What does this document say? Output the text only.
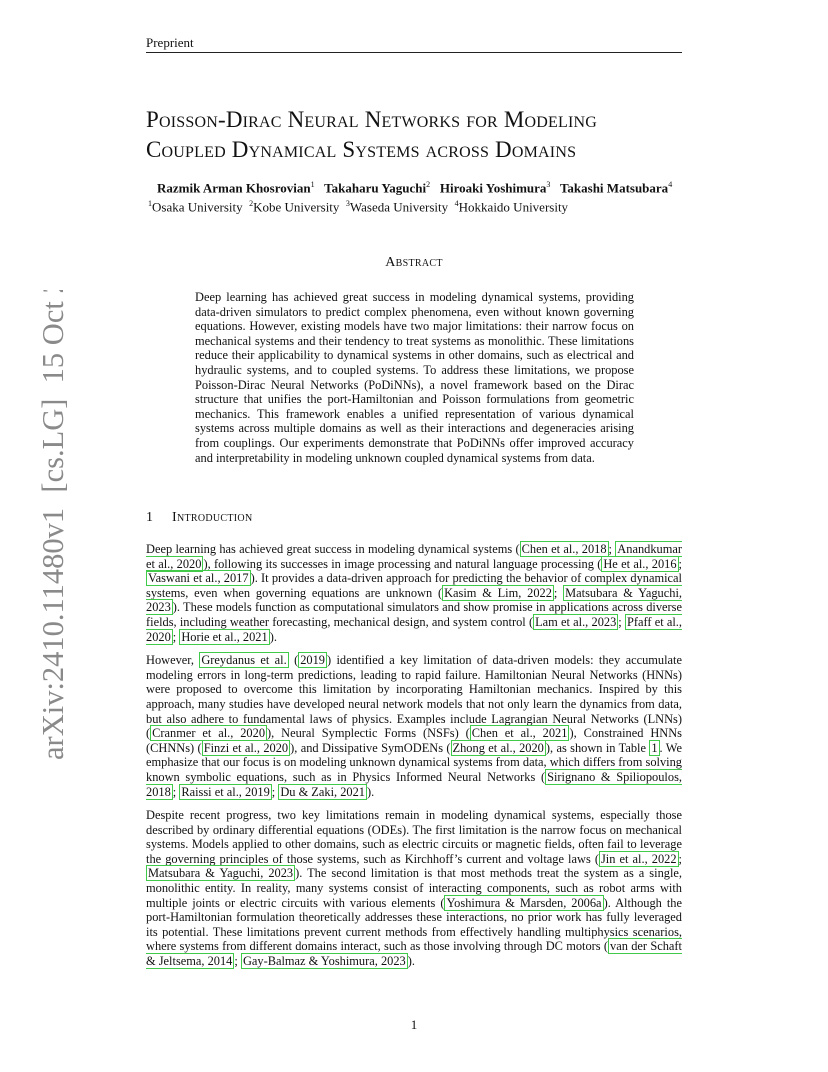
Preprient
arXiv:2410.11480v1  [cs.LG]  15 Oct 2024
Poisson-Dirac Neural Networks for Modeling
Coupled Dynamical Systems across Domains
Razmik Arman Khosrovian$^1$ Takaharu Yaguchi$^2$ Hiroaki Yoshimura$^3$ Takashi Matsubara$^4$
$^1$Osaka University $^2$Kobe University $^3$Waseda University $^4$Hokkaido University
Abstract
Deep learning has achieved great success in modeling dynamical systems, providing data-driven simulators to predict complex phenomena, even without known governing equations. However, existing models have two major limitations: their narrow focus on mechanical systems and their tendency to treat systems as monolithic. These limitations reduce their applicability to dynamical systems in other domains, such as electrical and hydraulic systems, and to coupled systems. To address these limitations, we propose Poisson-Dirac Neural Networks (PoDiNNs), a novel framework based on the Dirac structure that unifies the port-Hamiltonian and Poisson formulations from geometric mechanics. This framework enables a unified representation of various dynamical systems across multiple domains as well as their interactions and degeneracies arising from couplings. Our experiments demonstrate that PoDiNNs offer improved accuracy and interpretability in modeling unknown coupled dynamical systems from data.
1 Introduction

Deep learning has achieved great success in modeling dynamical systems ( Chen et al., 2018 ; Anandkumar et al., 2020 ), following its successes in image processing and natural language processing ( He et al., 2016 ; Vaswani et al., 2017 ). It provides a data-driven approach for predicting the behavior of complex dynamical systems, even when governing equations are unknown ( Kasim & Lim, 2022 ; Matsubara & Yaguchi, 2023 ). These models function as computational simulators and show promise in applications across diverse fields, including weather forecasting, mechanical design, and system control ( Lam et al., 2023 ; Pfaff et al., 2020 ; Horie et al., 2021 ).

However, Greydanus et al. ( 2019 ) identified a key limitation of data-driven models: they accumulate modeling errors in long-term predictions, leading to rapid failure. Hamiltonian Neural Networks (HNNs) were proposed to overcome this limitation by incorporating Hamiltonian mechanics. Inspired by this approach, many studies have developed neural network models that not only learn the dynamics from data, but also adhere to fundamental laws of physics. Examples include Lagrangian Neural Networks (LNNs) ( Cranmer et al., 2020 ), Neural Symplectic Forms (NSFs) ( Chen et al., 2021 ), Constrained HNNs (CHNNs) ( Finzi et al., 2020 ), and Dissipative SymODENs ( Zhong et al., 2020 ), as shown in Table 1 . We emphasize that our focus is on modeling unknown dynamical systems from data, which differs from solving known symbolic equations, such as in Physics Informed Neural Networks ( Sirignano & Spiliopoulos, 2018 ; Raissi et al., 2019 ; Du & Zaki, 2021 ).

Despite recent progress, two key limitations remain in modeling dynamical systems, especially those described by ordinary differential equations (ODEs). The first limitation is the narrow focus on mechanical systems. Models applied to other domains, such as electric circuits or magnetic fields, often fail to leverage the governing principles of those systems, such as Kirchhoff’s current and voltage laws ( Jin et al., 2022 ; Matsubara & Yaguchi, 2023 ). The second limitation is that most methods treat the system as a single, monolithic entity. In reality, many systems consist of interacting components, such as robot arms with multiple joints or electric circuits with various elements ( Yoshimura & Marsden, 2006a ). Although the port-Hamiltonian formulation theoretically addresses these interactions, no prior work has fully leveraged its potential. These limitations prevent current methods from effectively handling multiphysics scenarios, where systems from different domains interact, such as those involving through DC motors ( van der Schaft & Jeltsema, 2014 ; Gay-Balmaz & Yoshimura, 2023 ).

1
